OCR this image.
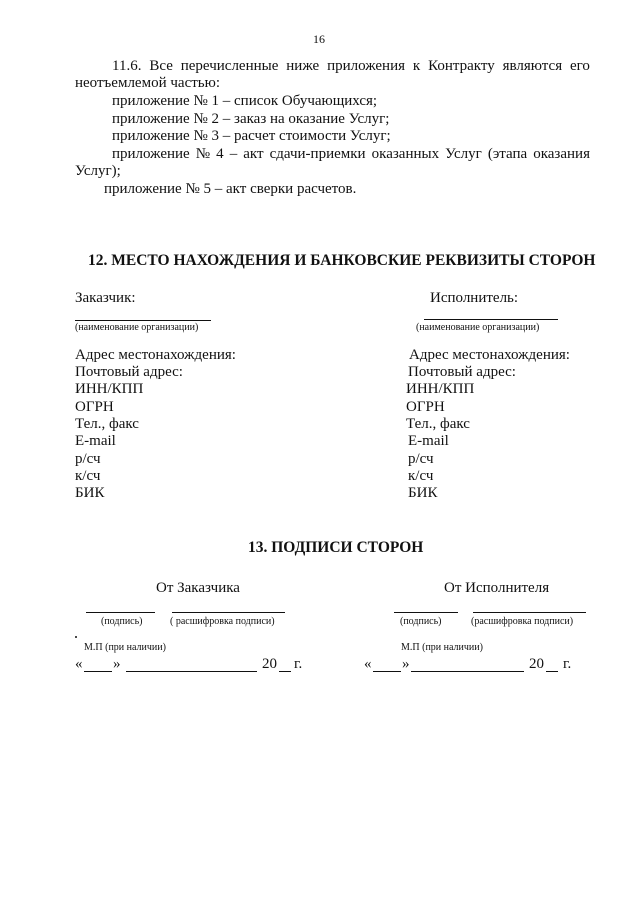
16
11.6. Все перечисленные ниже приложения к Контракту являются его
неотъемлемой частью:
приложение № 1 – список Обучающихся;
приложение № 2 – заказ на оказание Услуг;
приложение № 3 – расчет стоимости Услуг;
приложение № 4 – акт сдачи-приемки оказанных Услуг (этапа оказания
Услуг);
приложение № 5 – акт сверки расчетов.
12. МЕСТО НАХОЖДЕНИЯ И БАНКОВСКИЕ РЕКВИЗИТЫ СТОРОН
Заказчик:
(наименование организации)
Исполнитель:
(наименование организации)
Адрес местонахождения:
Почтовый адрес:
ИНН/КПП
ОГРН
Тел., факс
E-mail
р/сч
к/сч
БИК
Адрес местонахождения:
Почтовый адрес:
ИНН/КПП
ОГРН
Тел., факс
E-mail
р/сч
к/сч
БИК
13. ПОДПИСИ СТОРОН
От Заказчика	От Исполнителя
(подпись)	( расшифровка подписи)
М.П (при наличии)
« »	20 г.
(подпись)	(расшифровка подписи)
М.П (при наличии)
« »	20 г.
